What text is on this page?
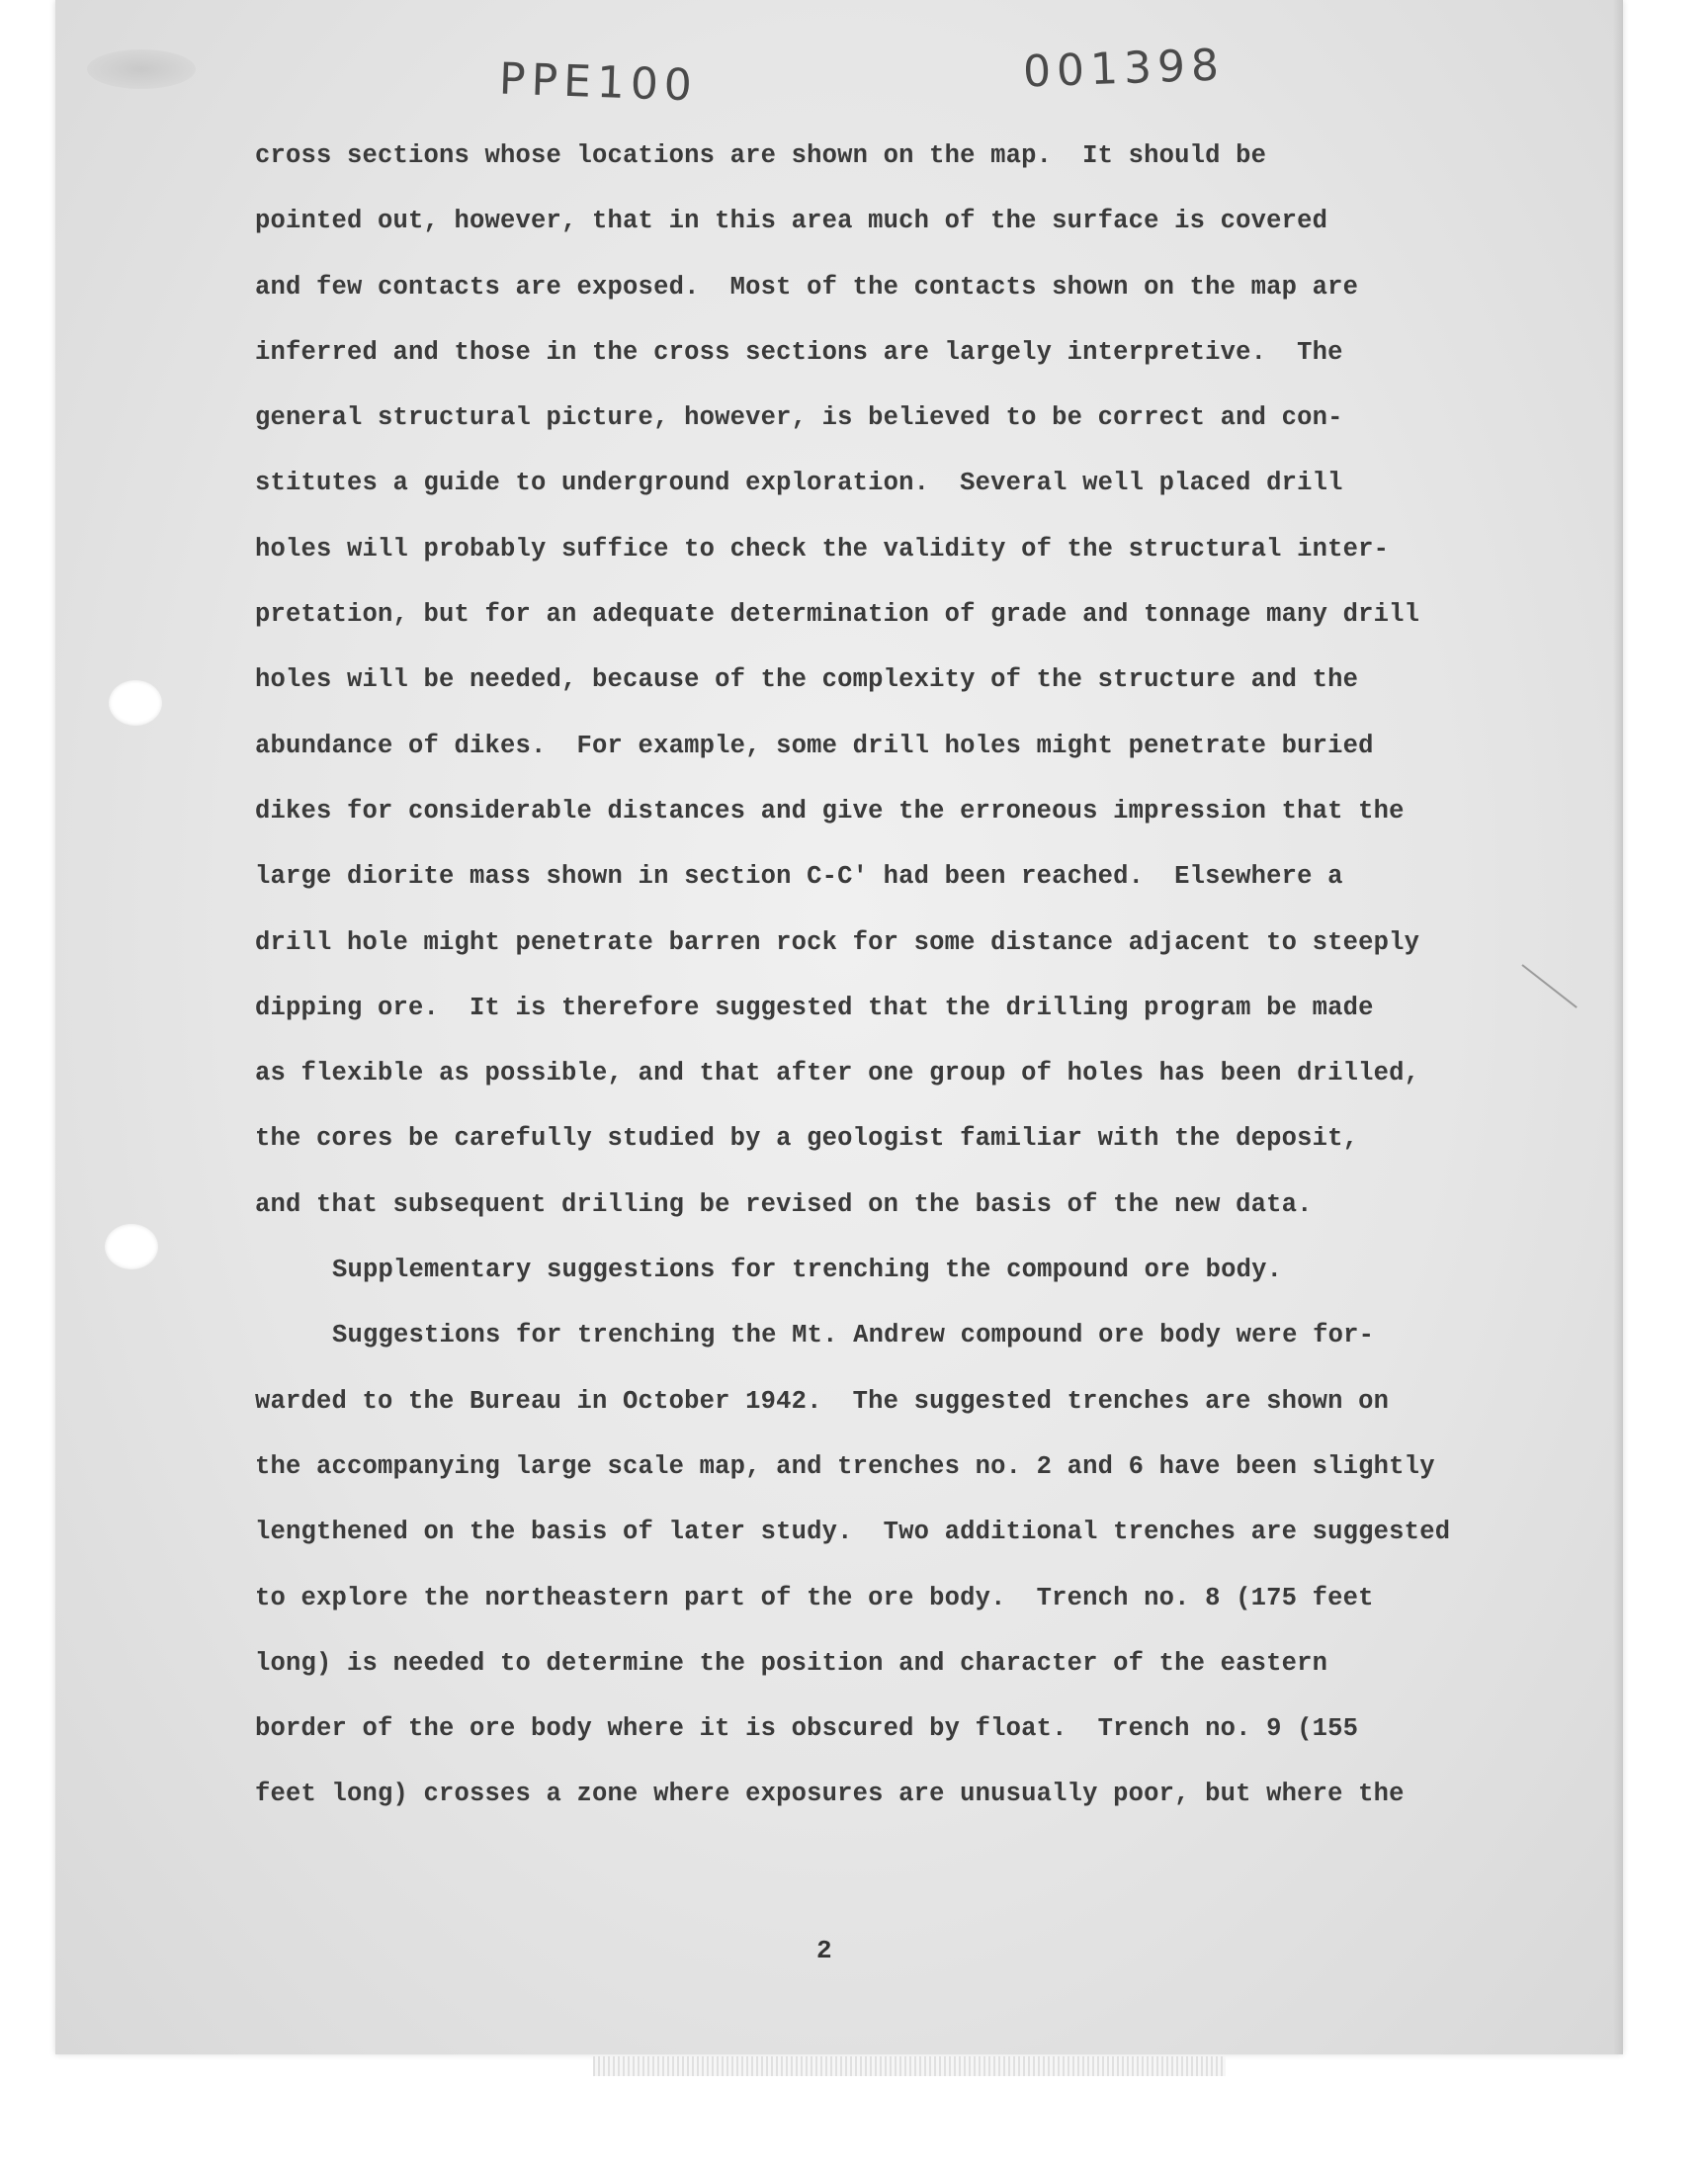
PPE100	001398
cross sections whose locations are shown on the map.  It should be
pointed out, however, that in this area much of the surface is covered
and few contacts are exposed.  Most of the contacts shown on the map are
inferred and those in the cross sections are largely interpretive.  The
general structural picture, however, is believed to be correct and con-
stitutes a guide to underground exploration.  Several well placed drill
holes will probably suffice to check the validity of the structural inter-
pretation, but for an adequate determination of grade and tonnage many drill
holes will be needed, because of the complexity of the structure and the
abundance of dikes.  For example, some drill holes might penetrate buried
dikes for considerable distances and give the erroneous impression that the
large diorite mass shown in section C-C' had been reached.  Elsewhere a
drill hole might penetrate barren rock for some distance adjacent to steeply
dipping ore.  It is therefore suggested that the drilling program be made
as flexible as possible, and that after one group of holes has been drilled,
the cores be carefully studied by a geologist familiar with the deposit,
and that subsequent drilling be revised on the basis of the new data.
Supplementary suggestions for trenching the compound ore body.
Suggestions for trenching the Mt. Andrew compound ore body were for-
warded to the Bureau in October 1942.  The suggested trenches are shown on
the accompanying large scale map, and trenches no. 2 and 6 have been slightly
lengthened on the basis of later study.  Two additional trenches are suggested
to explore the northeastern part of the ore body.  Trench no. 8 (175 feet
long) is needed to determine the position and character of the eastern
border of the ore body where it is obscured by float.  Trench no. 9 (155
feet long) crosses a zone where exposures are unusually poor, but where the
2
